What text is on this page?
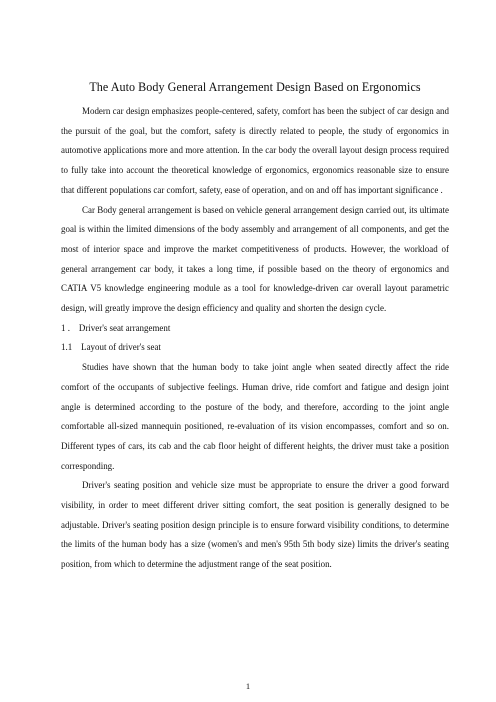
The Auto Body General Arrangement Design Based on Ergonomics

Modern car design emphasizes people-centered, safety, comfort has been the subject of car design and the pursuit of the goal, but the comfort, safety is directly related to people, the study of ergonomics in automotive applications more and more attention. In the car body the overall layout design process required to fully take into account the theoretical knowledge of ergonomics, ergonomics reasonable size to ensure that different populations car comfort, safety, ease of operation, and on and off has important significance .

Car Body general arrangement is based on vehicle general arrangement design carried out, its ultimate goal is within the limited dimensions of the body assembly and arrangement of all components, and get the most of interior space and improve the market competitiveness of products. However, the workload of general arrangement car body, it takes a long time, if possible based on the theory of ergonomics and CATIA V5 knowledge engineering module as a tool for knowledge-driven car overall layout parametric design, will greatly improve the design efficiency and quality and shorten the design cycle.

1 .    Driver's seat arrangement

1.1    Layout of driver's seat

Studies have shown that the human body to take joint angle when seated directly affect the ride comfort of the occupants of subjective feelings. Human drive, ride comfort and fatigue and design joint angle is determined according to the posture of the body, and therefore, according to the joint angle comfortable all-sized mannequin positioned, re-evaluation of its vision encompasses, comfort and so on. Different types of cars, its cab and the cab floor height of different heights, the driver must take a position corresponding.

Driver's seating position and vehicle size must be appropriate to ensure the driver a good forward visibility, in order to meet different driver sitting comfort, the seat position is generally designed to be adjustable. Driver's seating position design principle is to ensure forward visibility conditions, to determine the limits of the human body has a size (women's and men's 95th 5th body size) limits the driver's seating position, from which to determine the adjustment range of the seat position.

1
